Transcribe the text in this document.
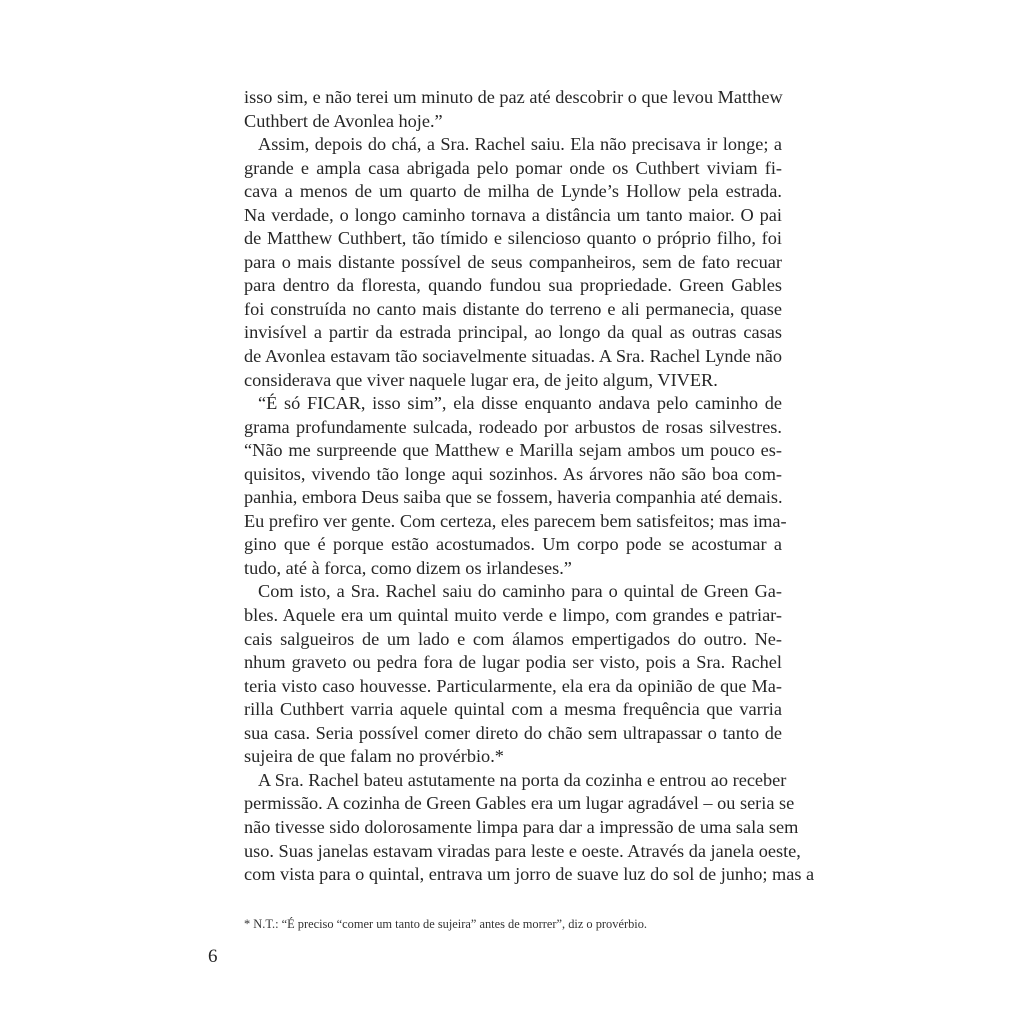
isso sim, e não terei um minuto de paz até descobrir o que levou Matthew
Cuthbert de Avonlea hoje.”
Assim, depois do chá, a Sra. Rachel saiu. Ela não precisava ir longe; a
grande e ampla casa abrigada pelo pomar onde os Cuthbert viviam fi-
cava a menos de um quarto de milha de Lynde’s Hollow pela estrada.
Na verdade, o longo caminho tornava a distância um tanto maior. O pai
de Matthew Cuthbert, tão tímido e silencioso quanto o próprio filho, foi
para o mais distante possível de seus companheiros, sem de fato recuar
para dentro da floresta, quando fundou sua propriedade. Green Gables
foi construída no canto mais distante do terreno e ali permanecia, quase
invisível a partir da estrada principal, ao longo da qual as outras casas
de Avonlea estavam tão sociavelmente situadas. A Sra. Rachel Lynde não
considerava que viver naquele lugar era, de jeito algum, VIVER.
“É só FICAR, isso sim”, ela disse enquanto andava pelo caminho de
grama profundamente sulcada, rodeado por arbustos de rosas silvestres.
“Não me surpreende que Matthew e Marilla sejam ambos um pouco es-
quisitos, vivendo tão longe aqui sozinhos. As árvores não são boa com-
panhia, embora Deus saiba que se fossem, haveria companhia até demais.
Eu prefiro ver gente. Com certeza, eles parecem bem satisfeitos; mas ima-
gino que é porque estão acostumados. Um corpo pode se acostumar a
tudo, até à forca, como dizem os irlandeses.”
Com isto, a Sra. Rachel saiu do caminho para o quintal de Green Ga-
bles. Aquele era um quintal muito verde e limpo, com grandes e patriar-
cais salgueiros de um lado e com álamos empertigados do outro. Ne-
nhum graveto ou pedra fora de lugar podia ser visto, pois a Sra. Rachel
teria visto caso houvesse. Particularmente, ela era da opinião de que Ma-
rilla Cuthbert varria aquele quintal com a mesma frequência que varria
sua casa. Seria possível comer direto do chão sem ultrapassar o tanto de
sujeira de que falam no provérbio.*
A Sra. Rachel bateu astutamente na porta da cozinha e entrou ao receber
permissão. A cozinha de Green Gables era um lugar agradável – ou seria se
não tivesse sido dolorosamente limpa para dar a impressão de uma sala sem
uso. Suas janelas estavam viradas para leste e oeste. Através da janela oeste,
com vista para o quintal, entrava um jorro de suave luz do sol de junho; mas a
* N.T.: “É preciso “comer um tanto de sujeira” antes de morrer”, diz o provérbio.
6
